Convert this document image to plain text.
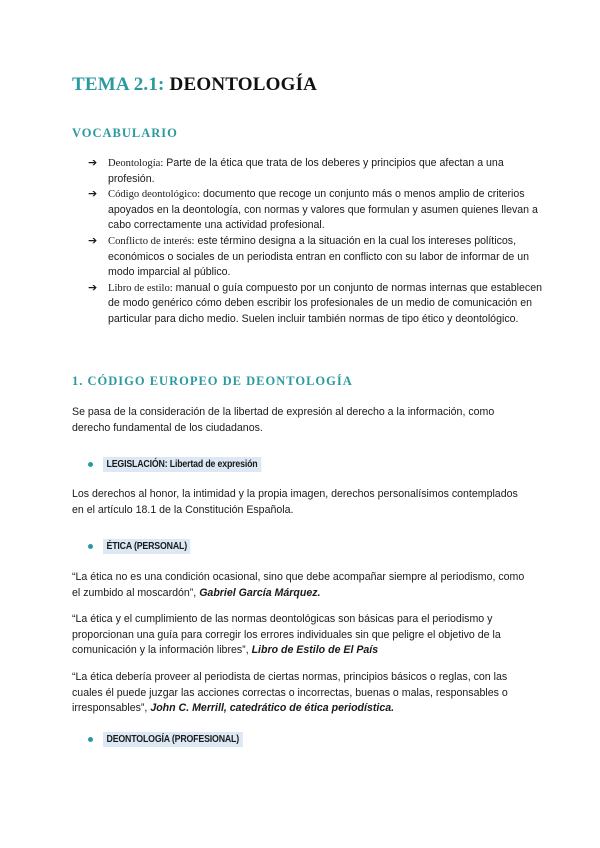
TEMA 2.1: DEONTOLOGÍA
VOCABULARIO
➔ Deontología: Parte de la ética que trata de los deberes y principios que afectan a una profesión.
➔ Código deontológico: documento que recoge un conjunto más o menos amplio de criterios apoyados en la deontología, con normas y valores que formulan y asumen quienes llevan a cabo correctamente una actividad profesional.
➔ Conflicto de interés: este término designa a la situación en la cual los intereses políticos, económicos o sociales de un periodista entran en conflicto con su labor de informar de un modo imparcial al público.
➔ Libro de estilo: manual o guía compuesto por un conjunto de normas internas que establecen de modo genérico cómo deben escribir los profesionales de un medio de comunicación en particular para dicho medio. Suelen incluir también normas de tipo ético y deontológico.
1. CÓDIGO EUROPEO DE DEONTOLOGÍA

Se pasa de la consideración de la libertad de expresión al derecho a la información, como derecho fundamental de los ciudadanos.

LEGISLACIÓN: Libertad de expresión

Los derechos al honor, la intimidad y la propia imagen, derechos personalísimos contemplados en el artículo 18.1 de la Constitución Española.

ÉTICA (PERSONAL)

“La ética no es una condición ocasional, sino que debe acompañar siempre al periodismo, como el zumbido al moscardón”, Gabriel García Márquez.

“La ética y el cumplimiento de las normas deontológicas son básicas para el periodismo y proporcionan una guía para corregir los errores individuales sin que peligre el objetivo de la comunicación y la información libres”, Libro de Estilo de El País

“La ética debería proveer al periodista de ciertas normas, principios básicos o reglas, con las cuales él puede juzgar las acciones correctas o incorrectas, buenas o malas, responsables o irresponsables”, John C. Merrill, catedrático de ética periodística.

DEONTOLOGÍA (PROFESIONAL)
